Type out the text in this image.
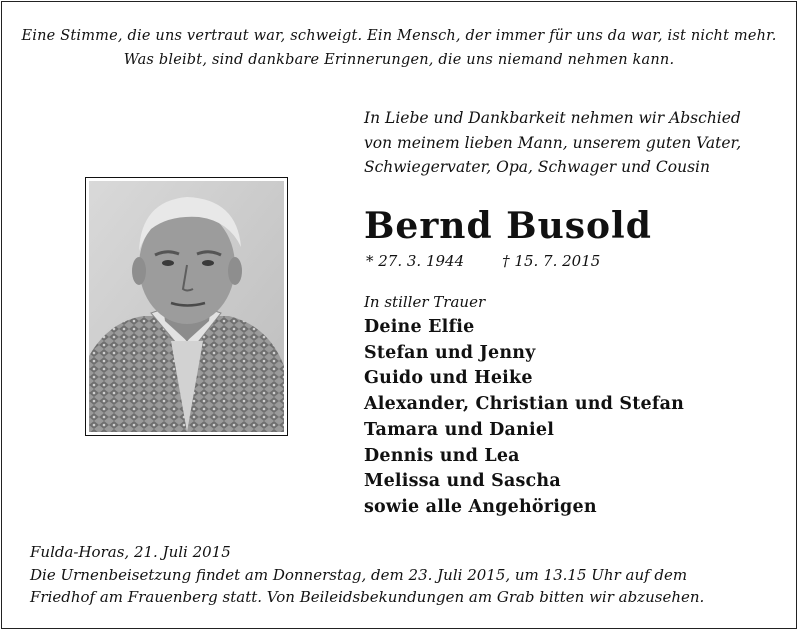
Eine Stimme, die uns vertraut war, schweigt. Ein Mensch, der immer für uns da war, ist nicht mehr.
Was bleibt, sind dankbare Erinnerungen, die uns niemand nehmen kann.
In Liebe und Dankbarkeit nehmen wir Abschied
von meinem lieben Mann, unserem guten Vater,
Schwiegervater, Opa, Schwager und Cousin
Bernd Busold
* 27. 3. 1944	† 15. 7. 2015
In stiller Trauer
Deine Elfie
Stefan und Jenny
Guido und Heike
Alexander, Christian und Stefan
Tamara und Daniel
Dennis und Lea
Melissa und Sascha
sowie alle Angehörigen
Fulda-Horas, 21. Juli 2015
Die Urnenbeisetzung findet am Donnerstag, dem 23. Juli 2015, um 13.15 Uhr auf dem
Friedhof am Frauenberg statt. Von Beileidsbekundungen am Grab bitten wir abzusehen.
